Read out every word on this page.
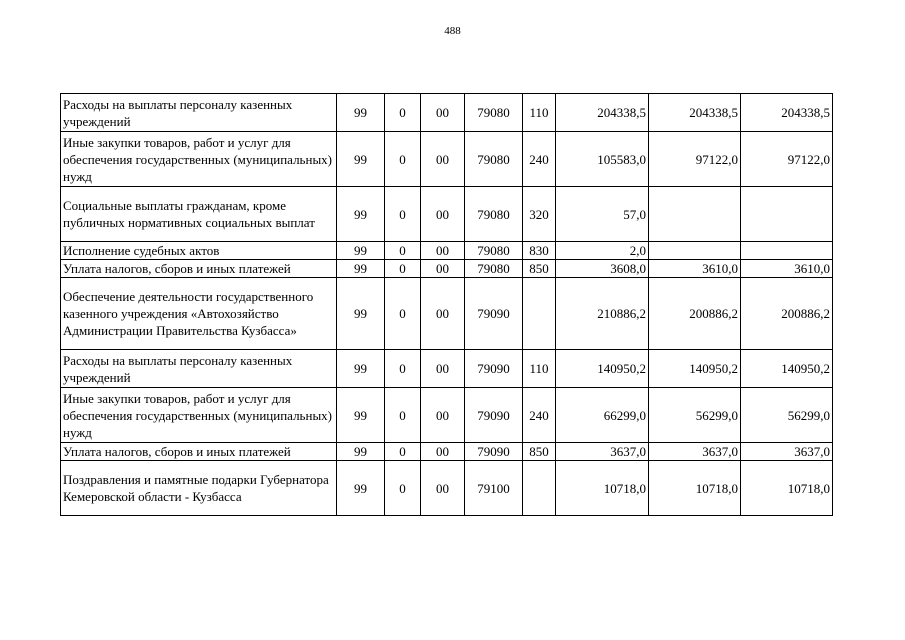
488
Расходы на выплаты персоналу казенных учреждений	99	0	00	79080	110	204338,5	204338,5	204338,5
Иные закупки товаров, работ и услуг для обеспечения государственных (муниципальных) нужд	99	0	00	79080	240	105583,0	97122,0	97122,0
Социальные выплаты гражданам, кроме публичных нормативных социальных выплат	99	0	00	79080	320	57,0		
Исполнение судебных актов	99	0	00	79080	830	2,0		
Уплата налогов, сборов и иных платежей	99	0	00	79080	850	3608,0	3610,0	3610,0
Обеспечение деятельности государственного казенного учреждения «Автохозяйство Администрации Правительства Кузбасса»	99	0	00	79090		210886,2	200886,2	200886,2
Расходы на выплаты персоналу казенных учреждений	99	0	00	79090	110	140950,2	140950,2	140950,2
Иные закупки товаров, работ и услуг для обеспечения государственных (муниципальных) нужд	99	0	00	79090	240	66299,0	56299,0	56299,0
Уплата налогов, сборов и иных платежей	99	0	00	79090	850	3637,0	3637,0	3637,0
Поздравления и памятные подарки Губернатора Кемеровской области - Кузбасса	99	0	00	79100		10718,0	10718,0	10718,0
